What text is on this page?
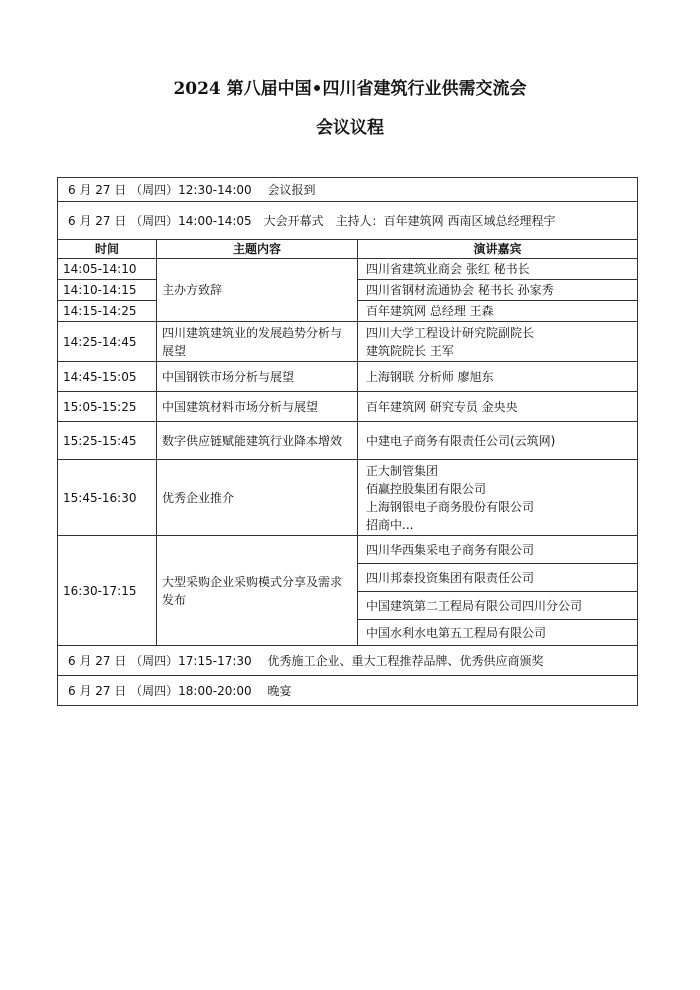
2024 第八届中国•四川省建筑行业供需交流会
会议议程
6 月 27 日 （周四）12:30-14:00　 会议报到		
6 月 27 日 （周四）14:00-14:05　大会开幕式　主持人：百年建筑网 西南区域总经理程宇		
时间	主题内容	演讲嘉宾
14:05-14:10	主办方致辞	四川省建筑业商会 张红 秘书长
14:10-14:15		四川省钢材流通协会 秘书长 孙家秀
14:15-14:25		百年建筑网 总经理 王森
14:25-14:45	四川建筑建筑业的发展趋势分析与展望	四川大学工程设计研究院副院长
建筑院院长 王军

14:45-15:05	中国钢铁市场分析与展望	上海钢联 分析师 廖旭东
15:05-15:25	中国建筑材料市场分析与展望	百年建筑网 研究专员 金央央
15:25-15:45	数字供应链赋能建筑行业降本增效	中建电子商务有限责任公司(云筑网)
15:45-16:30	优秀企业推介	正大制管集团
佰赢控股集团有限公司
上海钢银电子商务股份有限公司
招商中...

16:30-17:15	大型采购企业采购模式分享及需求发布	四川华西集采电子商务有限公司
		四川邦泰投资集团有限责任公司
		中国建筑第二工程局有限公司四川分公司
		中国水利水电第五工程局有限公司
6 月 27 日 （周四）17:15-17:30　 优秀施工企业、重大工程推荐品牌、优秀供应商颁奖		
6 月 27 日 （周四）18:00-20:00　 晚宴		
